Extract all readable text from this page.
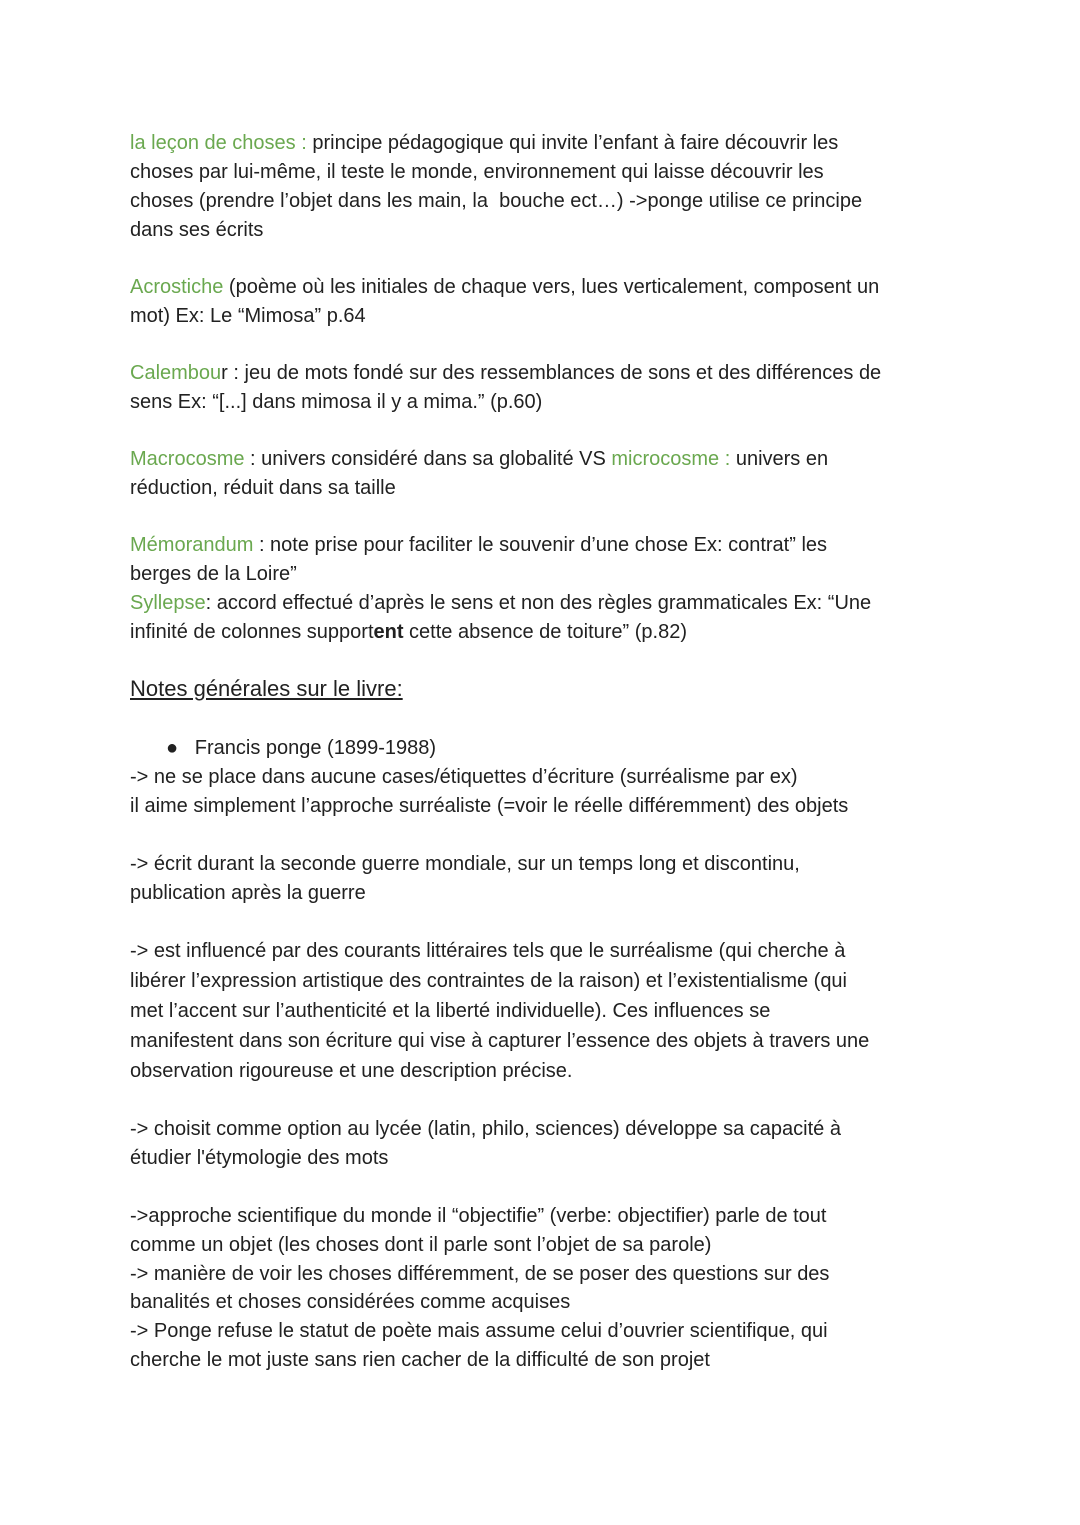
la leçon de choses : principe pédagogique qui invite l’enfant à faire découvrir les
choses par lui-même, il teste le monde, environnement qui laisse découvrir les
choses (prendre l’objet dans les main, la  bouche ect…) ->ponge utilise ce principe
dans ses écrits
Acrostiche (poème où les initiales de chaque vers, lues verticalement, composent un
mot) Ex: Le “Mimosa” p.64
Calembour : jeu de mots fondé sur des ressemblances de sons et des différences de
sens Ex: “[...] dans mimosa il y a mima.” (p.60)
Macrocosme : univers considéré dans sa globalité VS microcosme : univers en
réduction, réduit dans sa taille
Mémorandum : note prise pour faciliter le souvenir d’une chose Ex: contrat” les
berges de la Loire”
Syllepse: accord effectué d’après le sens et non des règles grammaticales Ex: “Une
infinité de colonnes supportent cette absence de toiture” (p.82)
Notes générales sur le livre:
●   Francis ponge (1899-1988)
-> ne se place dans aucune cases/étiquettes d’écriture (surréalisme par ex)
il aime simplement l’approche surréaliste (=voir le réelle différemment) des objets
-> écrit durant la seconde guerre mondiale, sur un temps long et discontinu,
publication après la guerre
-> est influencé par des courants littéraires tels que le surréalisme (qui cherche à
libérer l’expression artistique des contraintes de la raison) et l’existentialisme (qui
met l’accent sur l’authenticité et la liberté individuelle). Ces influences se
manifestent dans son écriture qui vise à capturer l’essence des objets à travers une
observation rigoureuse et une description précise.
-> choisit comme option au lycée (latin, philo, sciences) développe sa capacité à
étudier l'étymologie des mots
->approche scientifique du monde il “objectifie” (verbe: objectifier) parle de tout
comme un objet (les choses dont il parle sont l’objet de sa parole)
-> manière de voir les choses différemment, de se poser des questions sur des
banalités et choses considérées comme acquises
-> Ponge refuse le statut de poète mais assume celui d’ouvrier scientifique, qui
cherche le mot juste sans rien cacher de la difficulté de son projet
